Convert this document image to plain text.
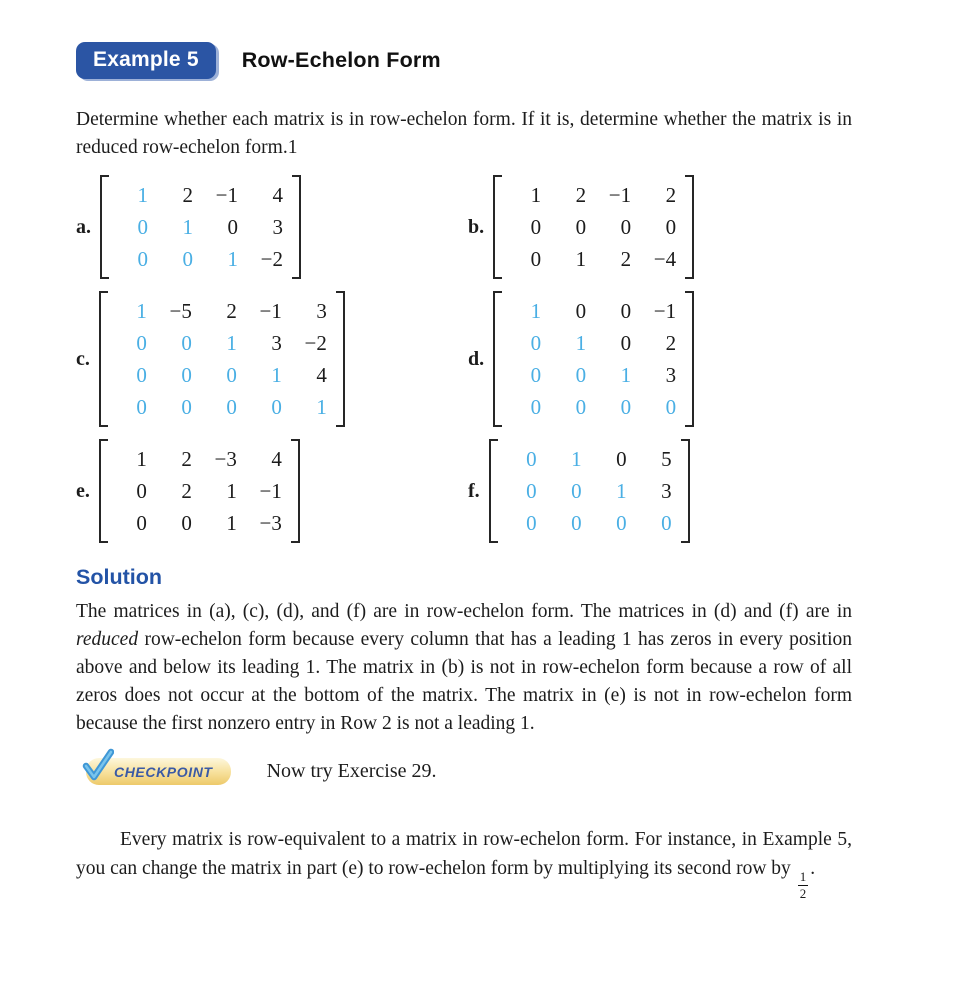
Example 5	Row-Echelon Form

Determine whether each matrix is in row-echelon form. If it is, determine whether the matrix is in reduced row-echelon form.1

a.
1	2	−1	4
0	1	0	3
0	0	1	−2
b.
1	2	−1	2
0	0	0	0
0	1	2	−4
c.
1	−5	2	−1	3
0	0	1	3	−2
0	0	0	1	4
0	0	0	0	1
d.
1	0	0	−1
0	1	0	2
0	0	1	3
0	0	0	0
e.
1	2	−3	4
0	2	1	−1
0	0	1	−3
f.
0	1	0	5
0	0	1	3
0	0	0	0
Solution

The matrices in (a), (c), (d), and (f) are in row-echelon form. The matrices in (d) and (f) are in reduced row-echelon form because every column that has a leading 1 has zeros in every position above and below its leading 1. The matrix in (b) is not in row-echelon form because a row of all zeros does not occur at the bottom of the matrix. The matrix in (e) is not in row-echelon form because the first nonzero entry in Row 2 is not a leading 1.

CHECKPOINT	Now try Exercise 29.

Every matrix is row-equivalent to a matrix in row-echelon form. For instance, in Example 5, you can change the matrix in part (e) to row-echelon form by multiplying its second row by
$\frac{1}{2}$
.
